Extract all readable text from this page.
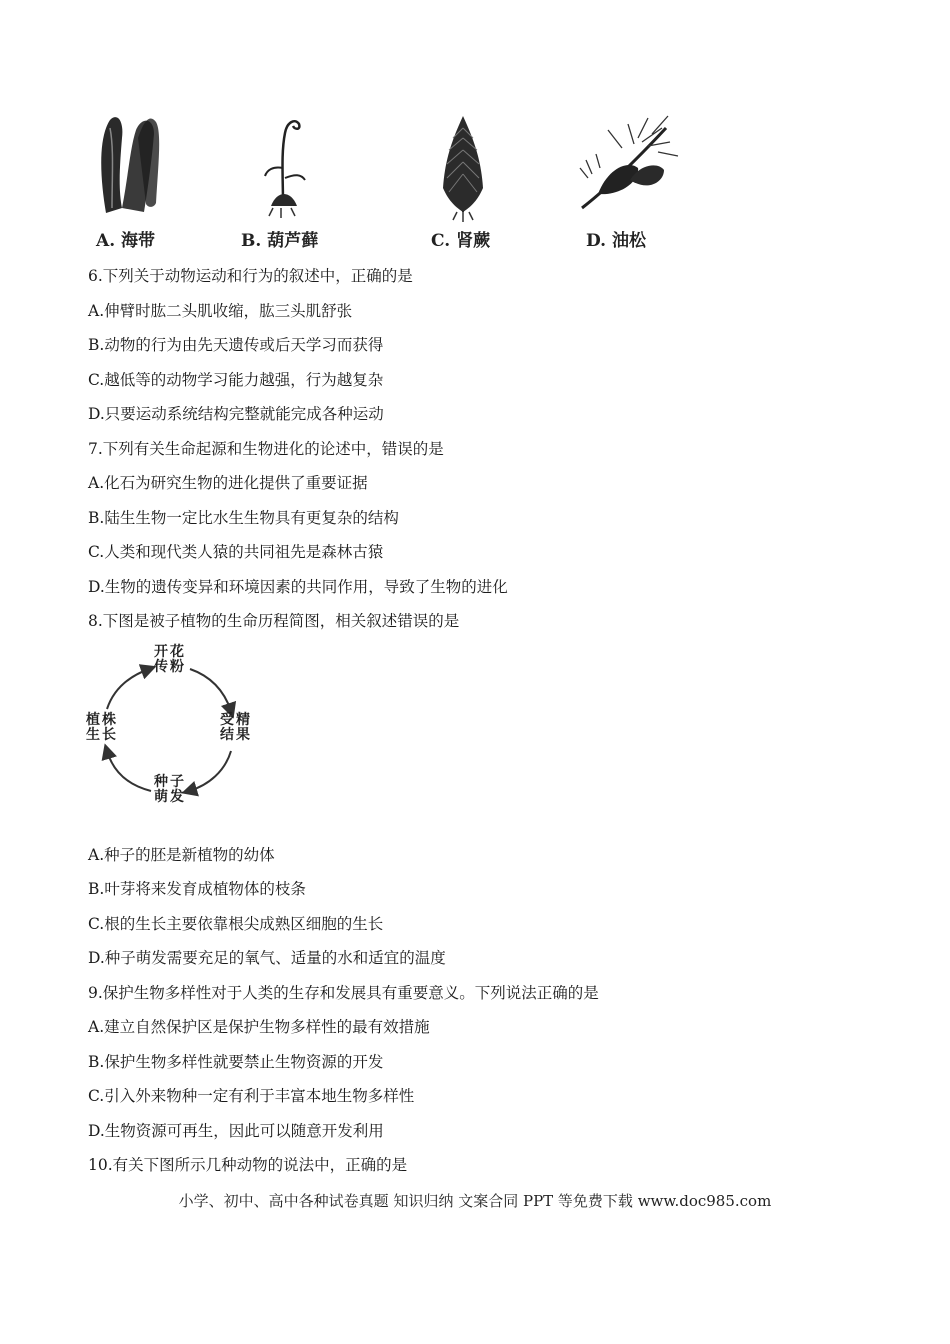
A. 海带	B. 葫芦藓	C. 肾蕨	D. 油松
6.下列关于动物运动和行为的叙述中，正确的是
A.伸臂时肱二头肌收缩，肱三头肌舒张
B.动物的行为由先天遗传或后天学习而获得
C.越低等的动物学习能力越强，行为越复杂
D.只要运动系统结构完整就能完成各种运动
7.下列有关生命起源和生物进化的论述中，错误的是
A.化石为研究生物的进化提供了重要证据
B.陆生生物一定比水生生物具有更复杂的结构
C.人类和现代类人猿的共同祖先是森林古猿
D.生物的遗传变异和环境因素的共同作用，导致了生物的进化
8.下图是被子植物的生命历程简图，相关叙述错误的是
开花传粉
受精结果
种子萌发
植株生长
A.种子的胚是新植物的幼体
B.叶芽将来发育成植物体的枝条
C.根的生长主要依靠根尖成熟区细胞的生长
D.种子萌发需要充足的氧气、适量的水和适宜的温度
9.保护生物多样性对于人类的生存和发展具有重要意义。下列说法正确的是
A.建立自然保护区是保护生物多样性的最有效措施
B.保护生物多样性就要禁止生物资源的开发
C.引入外来物种一定有利于丰富本地生物多样性
D.生物资源可再生，因此可以随意开发利用
10.有关下图所示几种动物的说法中，正确的是
小学、初中、高中各种试卷真题 知识归纳 文案合同 PPT 等免费下载 www.doc985.com
